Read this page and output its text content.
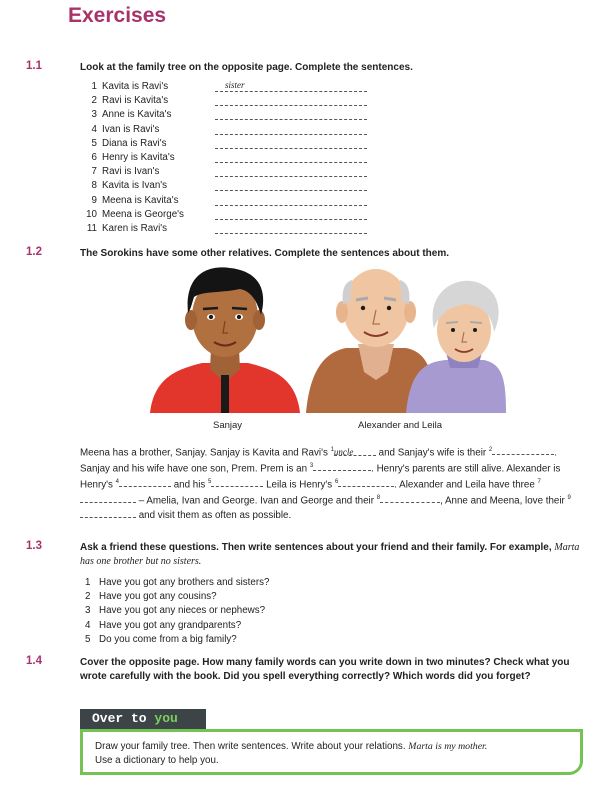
Exercises
1.1	Look at the family tree on the opposite page. Complete the sentences.
1 Kavita is Ravi's	sister
2 Ravi is Kavita's
3 Anne is Kavita's
4 Ivan is Ravi's
5 Diana is Ravi's
6 Henry is Kavita's
7 Ravi is Ivan's
8 Kavita is Ivan's
9 Meena is Kavita's
10 Meena is George's
11 Karen is Ravi's
1.2	The Sorokins have some other relatives. Complete the sentences about them.
Sanjay	Alexander and Leila

Meena has a brother, Sanjay. Sanjay is Kavita and Ravi's $^1$uncle and Sanjay's wife is their $^2$	. Sanjay and his wife have one son, Prem. Prem is an $^3$	. Henry's parents are still alive. Alexander is Henry's $^4$	and his $^5$	Leila is Henry's $^6$	. Alexander and Leila have three $^7$ – Amelia, Ivan and George. Ivan and George and their $^8$	, Anne and Meena, love their $^9$ and visit them as often as possible.

1.3	Ask a friend these questions. Then write sentences about your friend and their family. For example, Marta has one brother but no sisters.
1 Have you got any brothers and sisters?
2 Have you got any cousins?
3 Have you got any nieces or nephews?
4 Have you got any grandparents?
5 Do you come from a big family?
1.4	Cover the opposite page. How many family words can you write down in two minutes? Check what you wrote carefully with the book. Did you spell everything correctly? Which words did you forget?
Over to you
Draw your family tree. Then write sentences. Write about your relations. Marta is my mother.
Use a dictionary to help you.
